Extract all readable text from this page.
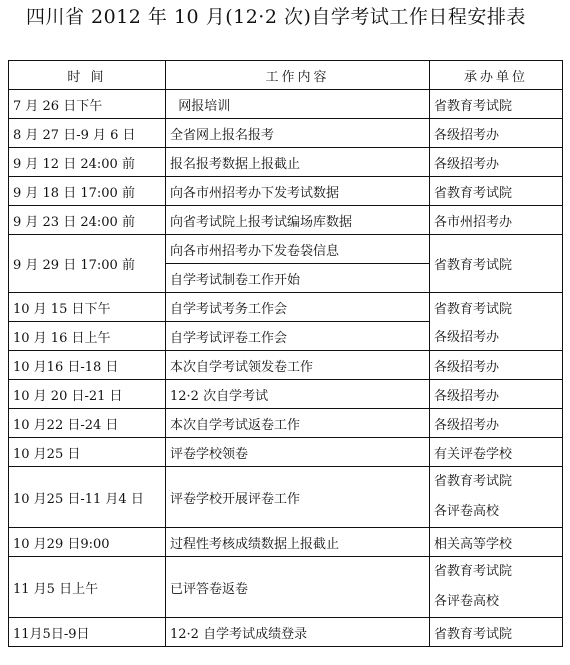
四川省 2012 年 10 月(12·2 次)自学考试工作日程安排表
时 间	工作内容	承办单位
7 月 26 日下午	网报培训	省教育考试院
8 月 27 日-9 月 6 日	全省网上报名报考	各级招考办
9 月 12 日 24:00 前	报名报考数据上报截止	各级招考办
9 月 18 日 17:00 前	向各市州招考办下发考试数据	省教育考试院
9 月 23 日 24:00 前	向省考试院上报考试编场库数据	各市州招考办
9 月 29 日 17:00 前	向各市州招考办下发卷袋信息	省教育考试院
	自学考试制卷工作开始	
10 月 15 日下午	自学考试考务工作会	省教育考试院
10 月 16 日上午	自学考试评卷工作会	各级招考办
10 月16 日-18 日	本次自学考试领发卷工作	各级招考办
10 月 20 日-21 日	12·2 次自学考试	各级招考办
10 月22 日-24 日	本次自学考试返卷工作	各级招考办
10 月25 日	评卷学校领卷	有关评卷学校
10 月25 日-11 月4 日	评卷学校开展评卷工作	省教育考试院
各评卷高校

10 月29 日9:00	过程性考核成绩数据上报截止	相关高等学校
11 月5 日上午	已评答卷返卷	省教育考试院
各评卷高校

11月5日-9日	12·2 自学考试成绩登录	省教育考试院
